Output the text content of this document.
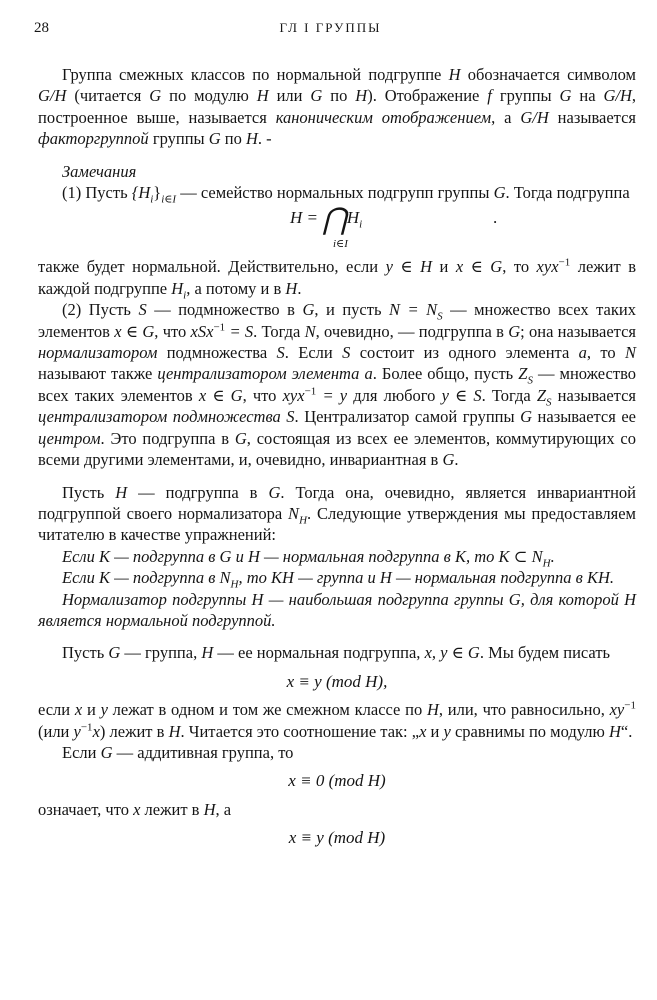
28	ГЛ I ГРУППЫ

Группа смежных классов по нормальной подгруппе H обозначается символом G/H (читается G по модулю H или G по H). Отображение f группы G на G/H, построенное выше, называется каноническим отображением, а G/H называется факторгруппой группы G по H. -

Замечания

(1) Пусть $\{H_i\}_{i\in I}$ — семейство нормальных подгрупп группы G. Тогда подгруппа

$H = ⋂H_i$
i∈I
.

также будет нормальной. Действительно, если y ∈ H и x ∈ G, то xyx$^{-1}$ лежит в каждой подгруппе $H_i$, а потому и в H.

(2) Пусть S — подмножество в G, и пусть $N = N_S$ — множество всех таких элементов x ∈ G, что xSx$^{-1}$ = S. Тогда N, очевидно, — подгруппа в G; она называется нормализатором подмножества S. Если S состоит из одного элемента a, то N называют также централизатором элемента a. Более общо, пусть $Z_S$ — множество всех таких элементов x ∈ G, что xyx$^{-1}$ = y для любого y ∈ S. Тогда $Z_S$ называется централизатором подмножества S. Централизатор самой группы G называется ее центром. Это подгруппа в G, состоящая из всех ее элементов, коммутирующих со всеми другими элементами, и, очевидно, инвариантная в G.

Пусть H — подгруппа в G. Тогда она, очевидно, является инвариантной подгруппой своего нормализатора $N_H$. Следующие утверждения мы предоставляем читателю в качестве упражнений:

Если K — подгруппа в G и H — нормальная подгруппа в K, то K ⊂ $N_H$.

Если K — подгруппа в $N_H$, то KH — группа и H — нормальная подгруппа в KH.

Нормализатор подгруппы H — наибольшая подгруппа группы G, для которой H является нормальной подгруппой.

Пусть G — группа, H — ее нормальная подгруппа, x, y ∈ G. Мы будем писать

x ≡ y (mod H),

если x и y лежат в одном и том же смежном классе по H, или, что равносильно, $xy^{-1}$ (или $y^{-1}x$) лежит в H. Читается это соотношение так: „x и y сравнимы по модулю H“.

Если G — аддитивная группа, то

x ≡ 0 (mod H)

означает, что x лежит в H, а

x ≡ y (mod H)
